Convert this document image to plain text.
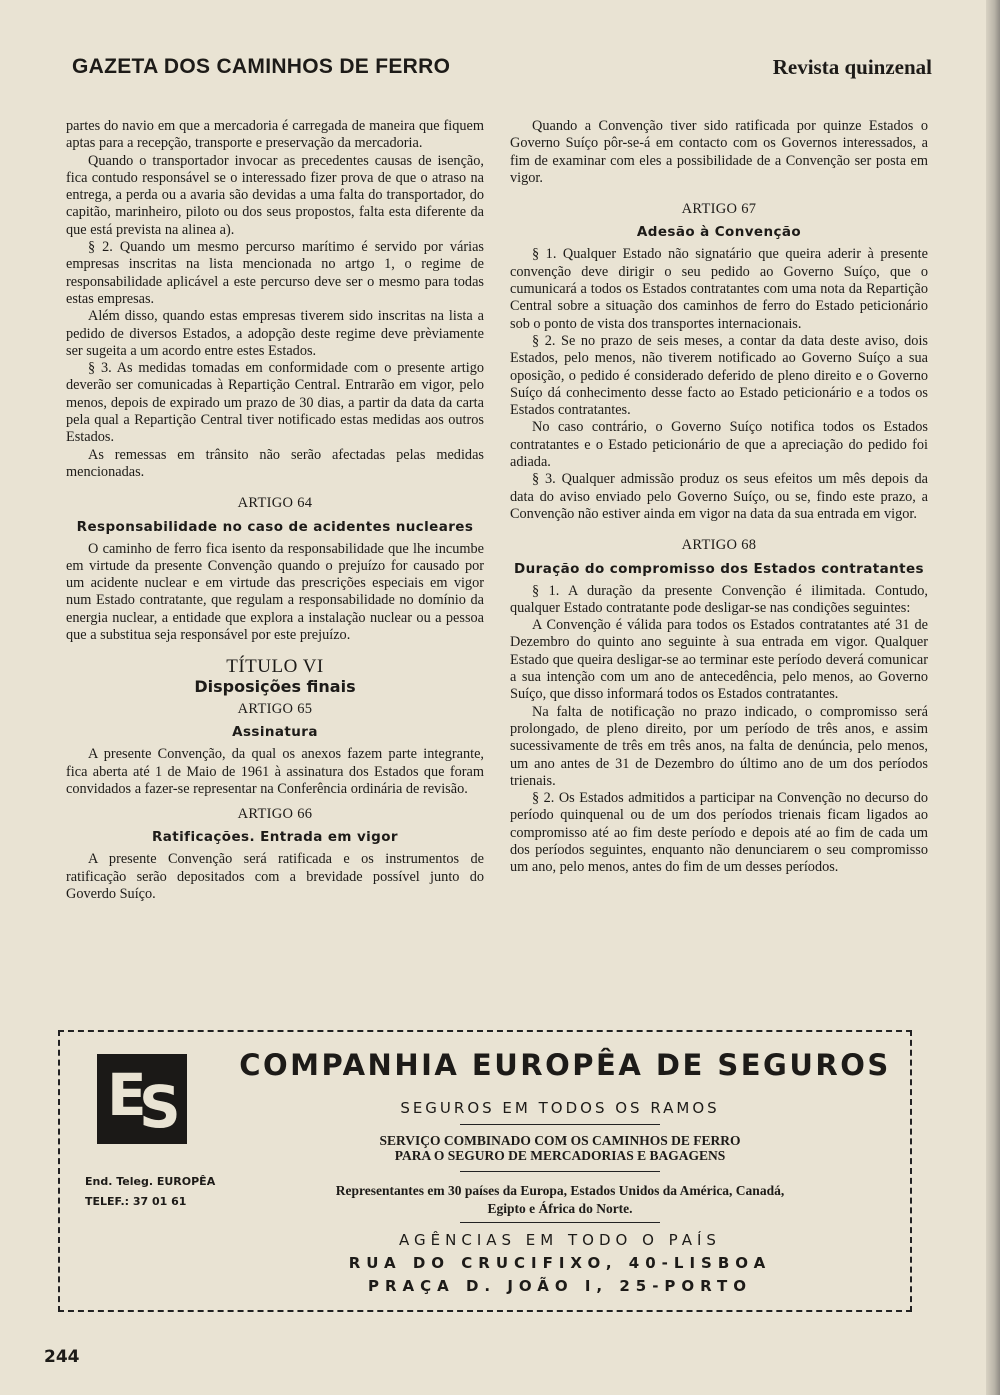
GAZETA DOS CAMINHOS DE FERRO	Revista quinzenal

partes do navio em que a mercadoria é carregada de maneira que fiquem aptas para a recepção, transporte e preservação da mercadoria.

Quando o transportador invocar as precedentes causas de isenção, fica contudo responsável se o interessado fizer prova de que o atraso na entrega, a perda ou a avaria são devidas a uma falta do transportador, do capitão, marinheiro, piloto ou dos seus propostos, falta esta diferente da que está prevista na alinea a).

§ 2. Quando um mesmo percurso marítimo é servido por várias empresas inscritas na lista mencionada no artgo 1, o regime de responsabilidade aplicável a este percurso deve ser o mesmo para todas estas empresas.

Além disso, quando estas empresas tiverem sido inscritas na lista a pedido de diversos Estados, a adopção deste regime deve prèviamente ser sugeita a um acordo entre estes Estados.

§ 3. As medidas tomadas em conformidade com o presente artigo deverão ser comunicadas à Repartição Central. Entrarão em vigor, pelo menos, depois de expirado um prazo de 30 dias, a partir da data da carta pela qual a Repartição Central tiver notificado estas medidas aos outros Estados.

As remessas em trânsito não serão afectadas pelas medidas mencionadas.

ARTIGO 64
Responsabilidade no caso de acidentes nucleares

O caminho de ferro fica isento da responsabilidade que lhe incumbe em virtude da presente Convenção quando o prejuízo for causado por um acidente nuclear e em virtude das prescrições especiais em vigor num Estado contratante, que regulam a responsabilidade no domínio da energia nuclear, a entidade que explora a instalação nuclear ou a pessoa que a substitua seja responsável por este prejuízo.

TÍTULO VI
Disposições finais
ARTIGO 65
Assinatura

A presente Convenção, da qual os anexos fazem parte integrante, fica aberta até 1 de Maio de 1961 à assinatura dos Estados que foram convidados a fazer-se representar na Conferência ordinária de revisão.

ARTIGO 66
Ratificações. Entrada em vigor

A presente Convenção será ratificada e os instrumentos de ratificação serão depositados com a brevidade possível junto do Goverdo Suíço.

Quando a Convenção tiver sido ratificada por quinze Estados o Governo Suíço pôr-se-á em contacto com os Governos interessados, a fim de examinar com eles a possibilidade de a Convenção ser posta em vigor.

ARTIGO 67
Adesão à Convenção

§ 1. Qualquer Estado não signatário que queira aderir à presente convenção deve dirigir o seu pedido ao Governo Suíço, que o cumunicará a todos os Estados contratantes com uma nota da Repartição Central sobre a situação dos caminhos de ferro do Estado peticionário sob o ponto de vista dos transportes internacionais.

§ 2. Se no prazo de seis meses, a contar da data deste aviso, dois Estados, pelo menos, não tiverem notificado ao Governo Suíço a sua oposição, o pedido é considerado deferido de pleno direito e o Governo Suíço dá conhecimento desse facto ao Estado peticionário e a todos os Estados contratantes.

No caso contrário, o Governo Suíço notifica todos os Estados contratantes e o Estado peticionário de que a apreciação do pedido foi adiada.

§ 3. Qualquer admissão produz os seus efeitos um mês depois da data do aviso enviado pelo Governo Suíço, ou se, findo este prazo, a Convenção não estiver ainda em vigor na data da sua entrada em vigor.

ARTIGO 68
Duração do compromisso dos Estados contratantes

§ 1. A duração da presente Convenção é ilimitada. Contudo, qualquer Estado contratante pode desligar-se nas condições seguintes:

A Convenção é válida para todos os Estados contratantes até 31 de Dezembro do quinto ano seguinte à sua entrada em vigor. Qualquer Estado que queira desligar-se ao terminar este período deverá comunicar a sua intenção com um ano de antecedência, pelo menos, ao Governo Suíço, que disso informará todos os Estados contratantes.

Na falta de notificação no prazo indicado, o compromisso será prolongado, de pleno direito, por um período de três anos, e assim sucessivamente de três em três anos, na falta de denúncia, pelo menos, um ano antes de 31 de Dezembro do último ano de um dos períodos trienais.

§ 2. Os Estados admitidos a participar na Convenção no decurso do período quinquenal ou de um dos períodos trienais ficam ligados ao compromisso até ao fim deste período e depois até ao fim de cada um dos períodos seguintes, enquanto não denunciarem o seu compromisso um ano, pelo menos, antes do fim de um desses períodos.

E
S
End. Teleg. EUROPÊA
TELEF.: 37 01 61
COMPANHIA EUROPÊA DE SEGUROS
SEGUROS EM TODOS OS RAMOS
SERVIÇO COMBINADO COM OS CAMINHOS DE FERRO
PARA O SEGURO DE MERCADORIAS E BAGAGENS
Representantes em 30 países da Europa, Estados Unidos da América, Canadá,
Egipto e África do Norte.
AGÊNCIAS EM TODO O PAÍS
RUA DO CRUCIFIXO, 40-LISBOA
PRAÇA D. JOÃO I, 25-PORTO
244
